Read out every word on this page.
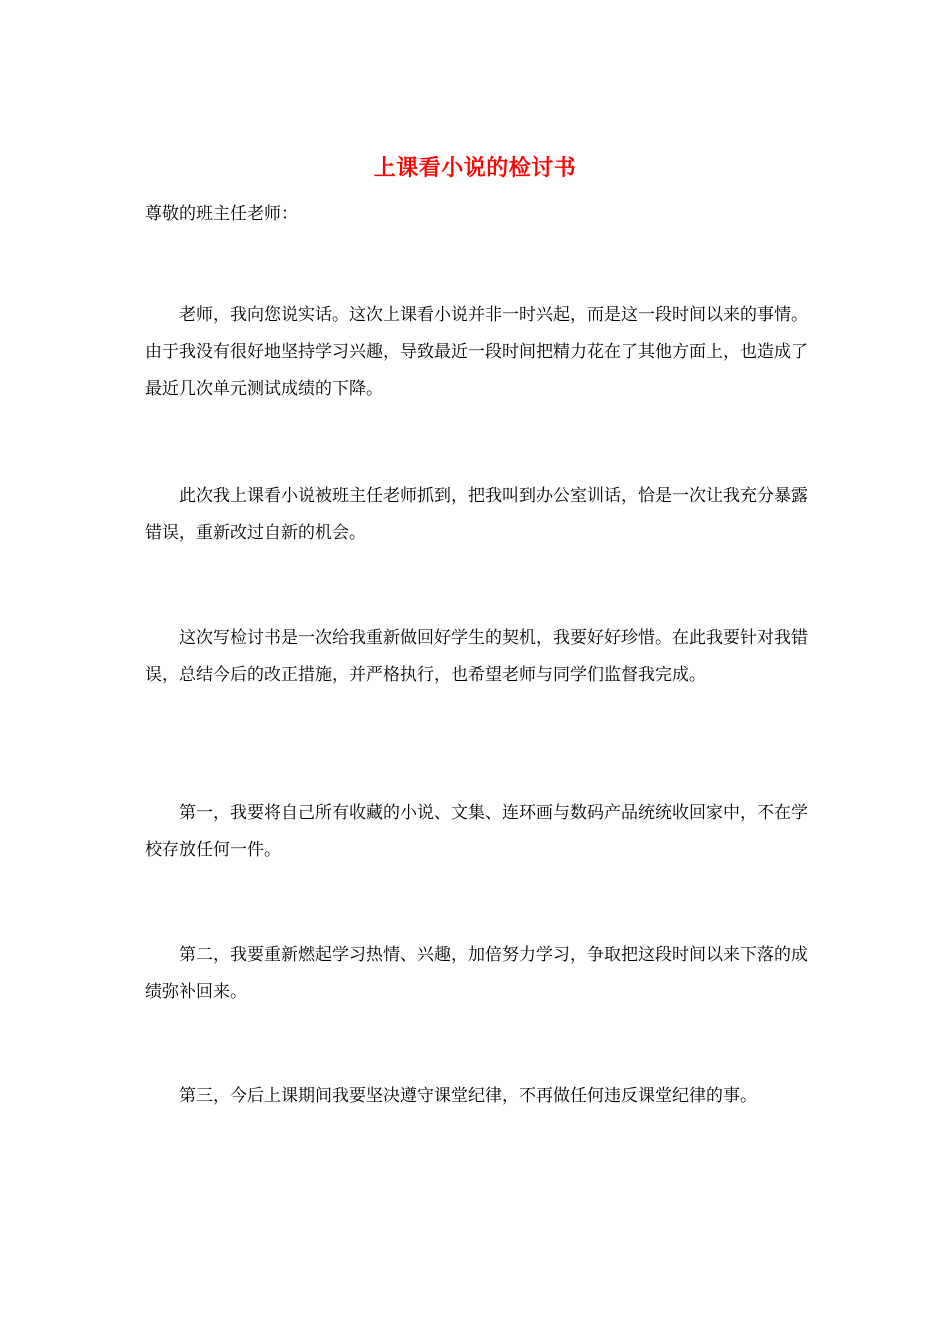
上课看小说的检讨书
尊敬的班主任老师：
老师，我向您说实话。这次上课看小说并非一时兴起，而是这一段时间以来的事情。由于我没有很好地坚持学习兴趣，导致最近一段时间把精力花在了其他方面上，也造成了最近几次单元测试成绩的下降。
此次我上课看小说被班主任老师抓到，把我叫到办公室训话，恰是一次让我充分暴露错误，重新改过自新的机会。
这次写检讨书是一次给我重新做回好学生的契机，我要好好珍惜。在此我要针对我错误，总结今后的改正措施，并严格执行，也希望老师与同学们监督我完成。
第一，我要将自己所有收藏的小说、文集、连环画与数码产品统统收回家中，不在学校存放任何一件。
第二，我要重新燃起学习热情、兴趣，加倍努力学习，争取把这段时间以来下落的成绩弥补回来。
第三，今后上课期间我要坚决遵守课堂纪律，不再做任何违反课堂纪律的事。
